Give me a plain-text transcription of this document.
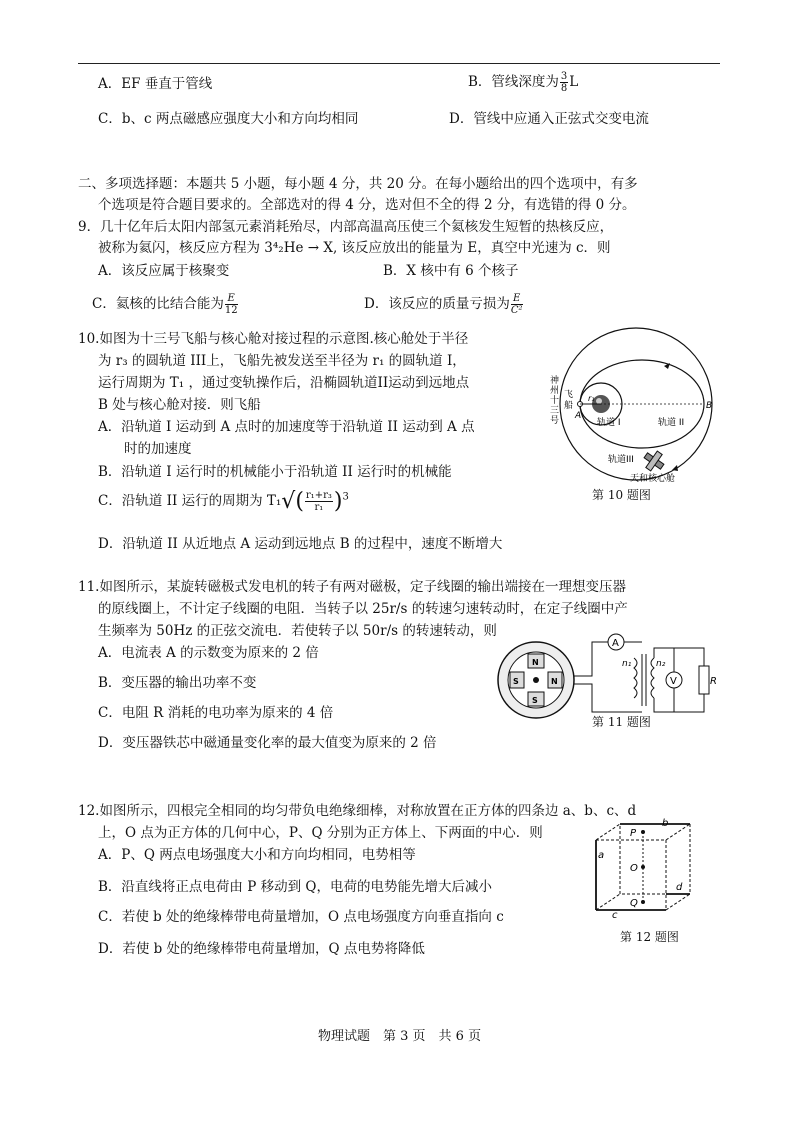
A．EF 垂直于管线	B．管线深度为 $\frac{3}{8}$ L
C．b、c 两点磁感应强度大小和方向均相同	D．管线中应通入正弦式交变电流
二、多项选择题：本题共 5 小题，每小题 4 分，共 20 分。在每小题给出的四个选项中，有多
个选项是符合题目要求的。全部选对的得 4 分，选对但不全的得 2 分，有选错的得 0 分。
9．几十亿年后太阳内部氢元素消耗殆尽，内部高温高压使三个氦核发生短暂的热核反应，
被称为氦闪，核反应方程为 3⁴₂He → X, 该反应放出的能量为 E，真空中光速为 c．则
A．该反应属于核聚变	B．X 核中有 6 个核子
C．氦核的比结合能为 $\frac{E}{12}$	D．该反应的质量亏损为 $\frac{E}{\text{C²}}$
10.如图为十三号飞船与核心舱对接过程的示意图.核心舱处于半径
为 r₃ 的圆轨道 III上，飞船先被发送至半径为 r₁ 的圆轨道 I，
运行周期为 T₁ ，通过变轨操作后，沿椭圆轨道II运动到远地点
B 处与核心舱对接．则飞船
A．沿轨道 I 运动到 A 点时的加速度等于沿轨道 II 运动到 A 点
时的加速度
B．沿轨道 I 运行时的机械能小于沿轨道 II 运行时的机械能
C．沿轨道 II 运行的周期为 $T_1√( \frac{\text{r₁+r₃}}{\text{r₁}} )^3$
D．沿轨道 II 从近地点 A 运动到远地点 B 的过程中，速度不断增大
神
州
十
三
号
飞
船
A
B
r₁
轨道 I	轨道 II
轨道III
天和核心舱
第 10 题图
11.如图所示，某旋转磁极式发电机的转子有两对磁极，定子线圈的输出端接在一理想变压器
的原线圈上，不计定子线圈的电阻．当转子以 25r/s 的转速匀速转动时，在定子线圈中产
生频率为 50Hz 的正弦交流电．若使转子以 50r/s 的转速转动，则
A．电流表 A 的示数变为原来的 2 倍
B．变压器的输出功率不变
C．电阻 R 消耗的电功率为原来的 4 倍
D．变压器铁芯中磁通量变化率的最大值变为原来的 2 倍
N
S
S	N
A
V	R
n₁	n₂
第 11 题图
12.如图所示，四根完全相同的均匀带负电绝缘细棒，对称放置在正方体的四条边 a、b、c、d
上，O 点为正方体的几何中心，P、Q 分别为正方体上、下两面的中心．则
A．P、Q 两点电场强度大小和方向均相同，电势相等
B．沿直线将正点电荷由 P 移动到 Q，电荷的电势能先增大后减小
C．若使 b 处的绝缘棒带电荷量增加，O 点电场强度方向垂直指向 c
D．若使 b 处的绝缘棒带电荷量增加，Q 点电势将降低
P
O
Q
b
a
d
c
第 12 题图
物理试题　第 3 页　共 6 页
